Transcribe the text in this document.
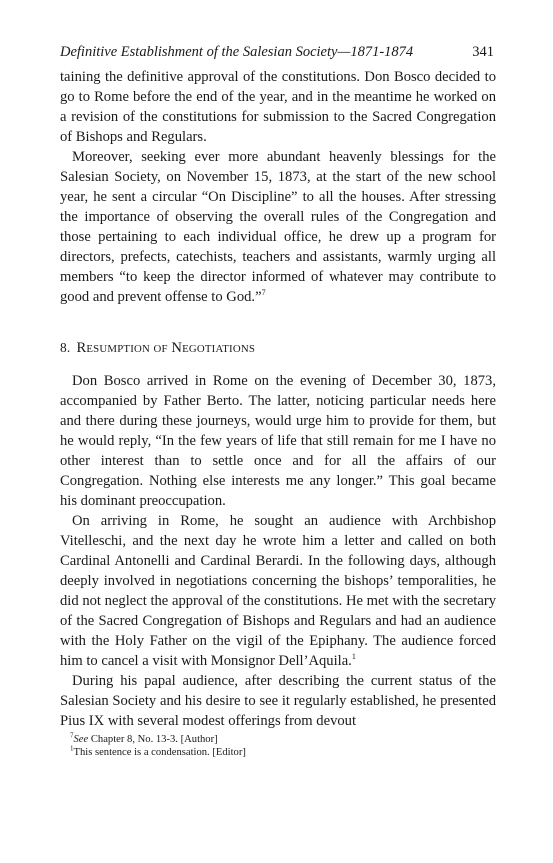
Definitive Establishment of the Salesian Society—1871-1874	341

taining the definitive approval of the constitutions. Don Bosco decided to go to Rome before the end of the year, and in the meantime he worked on a revision of the constitutions for submission to the Sacred Congregation of Bishops and Regulars.

Moreover, seeking ever more abundant heavenly blessings for the Salesian Society, on November 15, 1873, at the start of the new school year, he sent a circular “On Discipline” to all the houses. After stressing the importance of observing the overall rules of the Congregation and those pertaining to each individual office, he drew up a program for directors, prefects, catechists, teachers and assistants, warmly urging all members “to keep the director informed of whatever may contribute to good and prevent offense to God.”$^7$

8. RESUMPTION OF NEGOTIATIONS

Don Bosco arrived in Rome on the evening of December 30, 1873, accompanied by Father Berto. The latter, noticing particular needs here and there during these journeys, would urge him to provide for them, but he would reply, “In the few years of life that still remain for me I have no other interest than to settle once and for all the affairs of our Congregation. Nothing else interests me any longer.” This goal became his dominant preoccupation.

On arriving in Rome, he sought an audience with Archbishop Vitelleschi, and the next day he wrote him a letter and called on both Cardinal Antonelli and Cardinal Berardi. In the following days, although deeply involved in negotiations concerning the bishops’ temporalities, he did not neglect the approval of the constitutions. He met with the secretary of the Sacred Congregation of Bishops and Regulars and had an audience with the Holy Father on the vigil of the Epiphany. The audience forced him to cancel a visit with Monsignor Dell’Aquila.$^1$

During his papal audience, after describing the current status of the Salesian Society and his desire to see it regularly established, he presented Pius IX with several modest offerings from devout

$^7$See Chapter 8, No. 13-3. [Author]
$^1$This sentence is a condensation. [Editor]
